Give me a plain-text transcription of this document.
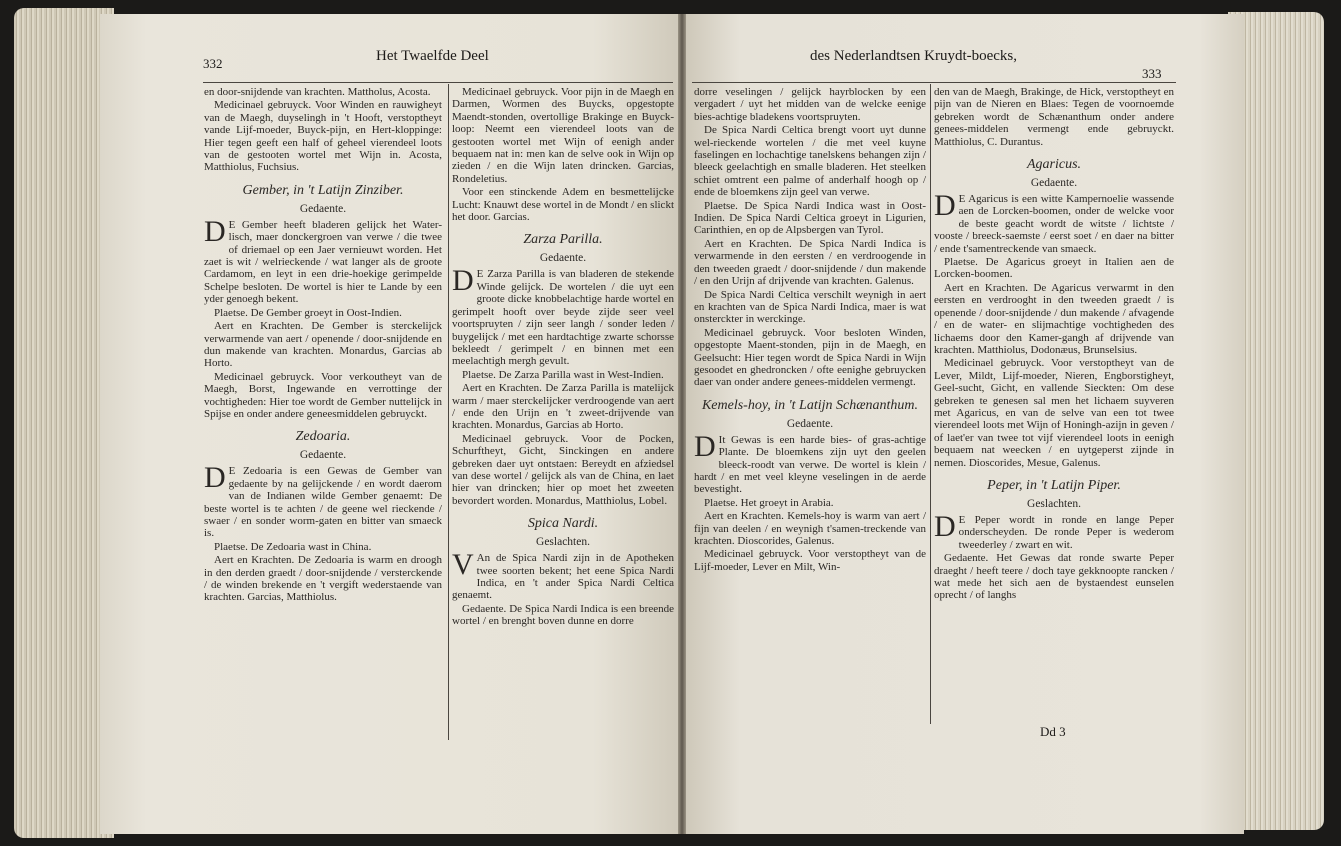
332	Het Twaelfde Deel	des Nederlandtsen Kruydt-boecks,
333
en door-snijdende van krachten. Mattholus, Acosta.
Medicinael gebruyck. Voor Winden en rauwigheyt van de Maegh, duyselingh in 't Hooft, verstoptheyt vande Lijf-moeder, Buyck-pijn, en Hert-kloppinge: Hier tegen geeft een half of geheel vierendeel loots van de gestooten wortel met Wijn in. Acosta, Matthiolus, Fuchsius.
Gember, in 't Latijn Zinziber.
Gedaente.
D E Gember heeft bladeren gelijck het Water-lisch, maer donckergroen van verwe / die twee of driemael op een Jaer vernieuwt worden. Het zaet is wit / welrieckende / wat langer als de groote Cardamom, en leyt in een drie-hoekige gerimpelde Schelpe besloten. De wortel is hier te Lande by een yder genoegh bekent.
Plaetse. De Gember groeyt in Oost-Indien.
Aert en Krachten. De Gember is sterckelijck verwarmende van aert / openende / door-snijdende en dun makende van krachten. Monardus, Garcias ab Horto.
Medicinael gebruyck. Voor verkoutheyt van de Maegh, Borst, Ingewande en verrottinge der vochtigheden: Hier toe wordt de Gember nuttelijck in Spijse en onder andere geneesmiddelen gebruyckt.
Zedoaria.
Gedaente.
D E Zedoaria is een Gewas de Gember van gedaente by na gelijckende / en wordt daerom van de Indianen wilde Gember genaemt: De beste wortel is te achten / de geene wel rieckende / swaer / en sonder worm-gaten en bitter van smaeck is.
Plaetse. De Zedoaria wast in China.
Aert en Krachten. De Zedoaria is warm en droogh in den derden graedt / door-snijdende / versterckende / de winden brekende en 't vergift wederstaende van krachten. Garcias, Matthiolus.
Medicinael gebruyck. Voor pijn in de Maegh en Darmen, Wormen des Buycks, opgestopte Maendt-stonden, overtollige Brakinge en Buyck-loop: Neemt een vierendeel loots van de gestooten wortel met Wijn of eenigh ander bequaem nat in: men kan de selve ook in Wijn op zieden / en die Wijn laten drincken. Garcias, Rondeletius.
Voor een stinckende Adem en besmettelijcke Lucht: Knauwt dese wortel in de Mondt / en slickt het door. Garcias.
Zarza Parilla.
Gedaente.
D E Zarza Parilla is van bladeren de stekende Winde gelijck. De wortelen / die uyt een groote dicke knobbelachtige harde wortel en gerimpelt hooft over beyde zijde seer veel voortspruyten / zijn seer langh / sonder leden / buygelijck / met een hardtachtige zwarte schorsse bekleedt / gerimpelt / en binnen met een meelachtigh mergh gevult.
Plaetse. De Zarza Parilla wast in West-Indien.
Aert en Krachten. De Zarza Parilla is matelijck warm / maer sterckelijcker verdroogende van aert / ende den Urijn en 't zweet-drijvende van krachten. Monardus, Garcias ab Horto.
Medicinael gebruyck. Voor de Pocken, Schurftheyt, Gicht, Sinckingen en andere gebreken daer uyt ontstaen: Bereydt en afziedsel van dese wortel / gelijck als van de China, en laet hier van drincken; hier op moet het zweeten bevordert worden. Monardus, Matthiolus, Lobel.
Spica Nardi.
Geslachten.
V An de Spica Nardi zijn in de Apotheken twee soorten bekent; het eene Spica Nardi Indica, en 't ander Spica Nardi Celtica genaemt.
Gedaente. De Spica Nardi Indica is een breende wortel / en brenght boven dunne en dorre
dorre veselingen / gelijck hayrblocken by een vergadert / uyt het midden van de welcke eenige bies-achtige bladekens voortspruyten.
De Spica Nardi Celtica brengt voort uyt dunne wel-rieckende wortelen / die met veel kuyne faselingen en lochachtige tanelskens behangen zijn / bleeck geelachtigh en smalle bladeren. Het steelken schiet omtrent een palme of anderhalf hoogh op / ende de bloemkens zijn geel van verwe.
Plaetse. De Spica Nardi Indica wast in Oost-Indien. De Spica Nardi Celtica groeyt in Ligurien, Carinthien, en op de Alpsbergen van Tyrol.
Aert en Krachten. De Spica Nardi Indica is verwarmende in den eersten / en verdroogende in den tweeden graedt / door-snijdende / dun makende / en den Urijn af drijvende van krachten. Galenus.
De Spica Nardi Celtica verschilt weynigh in aert en krachten van de Spica Nardi Indica, maer is wat onsterckter in werckinge.
Medicinael gebruyck. Voor besloten Winden, opgestopte Maent-stonden, pijn in de Maegh, en Geelsucht: Hier tegen wordt de Spica Nardi in Wijn gesoodet en ghedroncken / ofte eenighe gebruycken daer van onder andere genees-middelen vermengt.
Kemels-hoy, in 't Latijn Schænanthum.
Gedaente.
D It Gewas is een harde bies- of gras-achtige Plante. De bloemkens zijn uyt den geelen bleeck-roodt van verwe. De wortel is klein / hardt / en met veel kleyne veselingen in de aerde bevestight.
Plaetse. Het groeyt in Arabia.
Aert en Krachten. Kemels-hoy is warm van aert / fijn van deelen / en weynigh t'samen-treckende van krachten. Dioscorides, Galenus.
Medicinael gebruyck. Voor verstoptheyt van de Lijf-moeder, Lever en Milt, Win-
den van de Maegh, Brakinge, de Hick, verstoptheyt en pijn van de Nieren en Blaes: Tegen de voornoemde gebreken wordt de Schænanthum onder andere genees-middelen vermengt ende gebruyckt. Matthiolus, C. Durantus.
Agaricus.
Gedaente.
D E Agaricus is een witte Kampernoelie wassende aen de Lorcken-boomen, onder de welcke voor de beste geacht wordt de witste / lichtste / vooste / breeck-saemste / eerst soet / en daer na bitter / ende t'samentreckende van smaeck.
Plaetse. De Agaricus groeyt in Italien aen de Lorcken-boomen.
Aert en Krachten. De Agaricus verwarmt in den eersten en verdrooght in den tweeden graedt / is openende / door-snijdende / dun makende / afvagende / en de water- en slijmachtige vochtigheden des lichaems door den Kamer-gangh af drijvende van krachten. Matthiolus, Dodonæus, Brunselsius.
Medicinael gebruyck. Voor verstoptheyt van de Lever, Mildt, Lijf-moeder, Nieren, Engborstigheyt, Geel-sucht, Gicht, en vallende Sieckten: Om dese gebreken te genesen sal men het lichaem suyveren met Agaricus, en van de selve van een tot twee vierendeel loots met Wijn of Honingh-azijn in geven / of laet'er van twee tot vijf vierendeel loots in eenigh bequaem nat weecken / en uytgeperst zijnde in nemen. Dioscorides, Mesue, Galenus.
Peper, in 't Latijn Piper.
Geslachten.
D E Peper wordt in ronde en lange Peper onderscheyden. De ronde Peper is wederom tweederley / zwart en wit.
Gedaente. Het Gewas dat ronde swarte Peper draeght / heeft teere / doch taye gekknoopte rancken / wat mede het sich aen de bystaendest eunselen oprecht / of langhs
Dd 3
